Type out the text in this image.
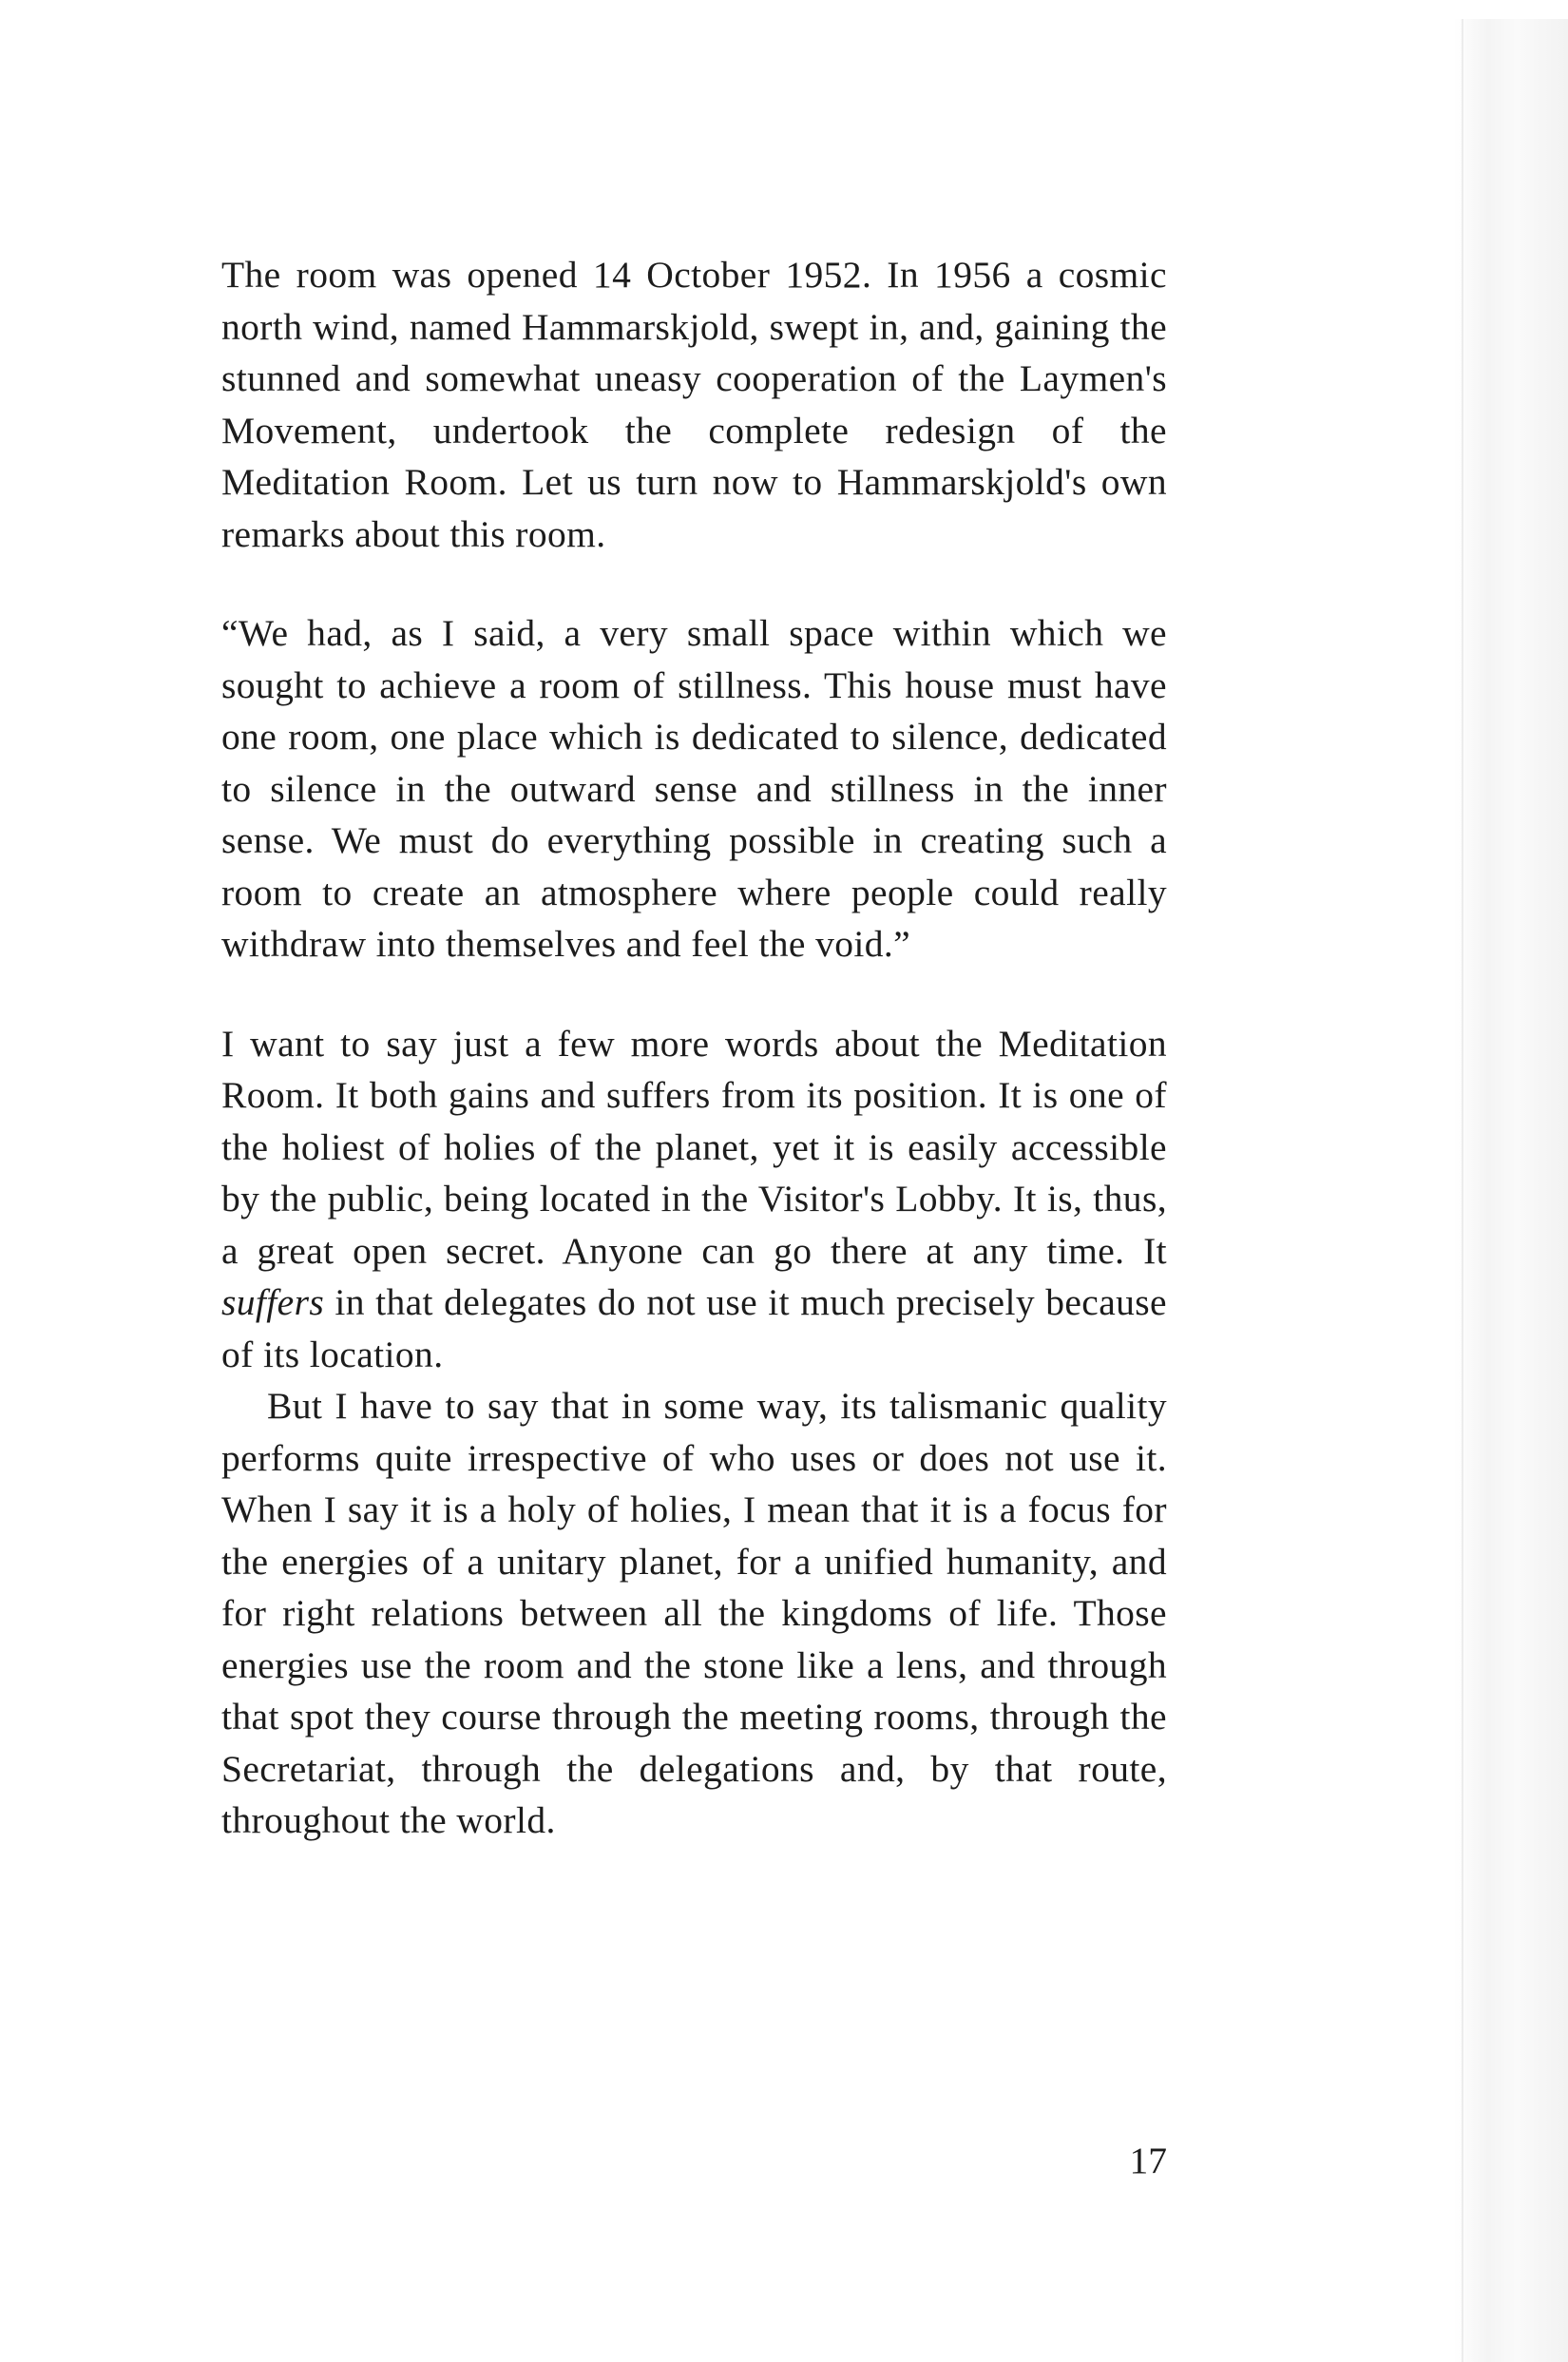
The room was opened 14 October 1952. In 1956 a cosmic north wind, named Hammarskjold, swept in, and, gaining the stunned and somewhat uneasy cooperation of the Laymen's Movement, undertook the complete redesign of the Meditation Room. Let us turn now to Hammarskjold's own remarks about this room.

“We had, as I said, a very small space within which we sought to achieve a room of stillness. This house must have one room, one place which is dedicated to silence, dedicated to silence in the outward sense and stillness in the inner sense. We must do everything possible in creating such a room to create an atmosphere where people could really withdraw into themselves and feel the void.”

I want to say just a few more words about the Meditation Room. It both gains and suffers from its position. It is one of the holiest of holies of the planet, yet it is easily accessible by the public, being located in the Visitor's Lobby. It is, thus, a great open secret. Anyone can go there at any time. It suffers in that delegates do not use it much precisely because of its location.

But I have to say that in some way, its talismanic quality performs quite irrespective of who uses or does not use it. When I say it is a holy of holies, I mean that it is a focus for the energies of a unitary planet, for a unified humanity, and for right relations between all the kingdoms of life. Those energies use the room and the stone like a lens, and through that spot they course through the meeting rooms, through the Secretariat, through the delegations and, by that route, throughout the world.

17
